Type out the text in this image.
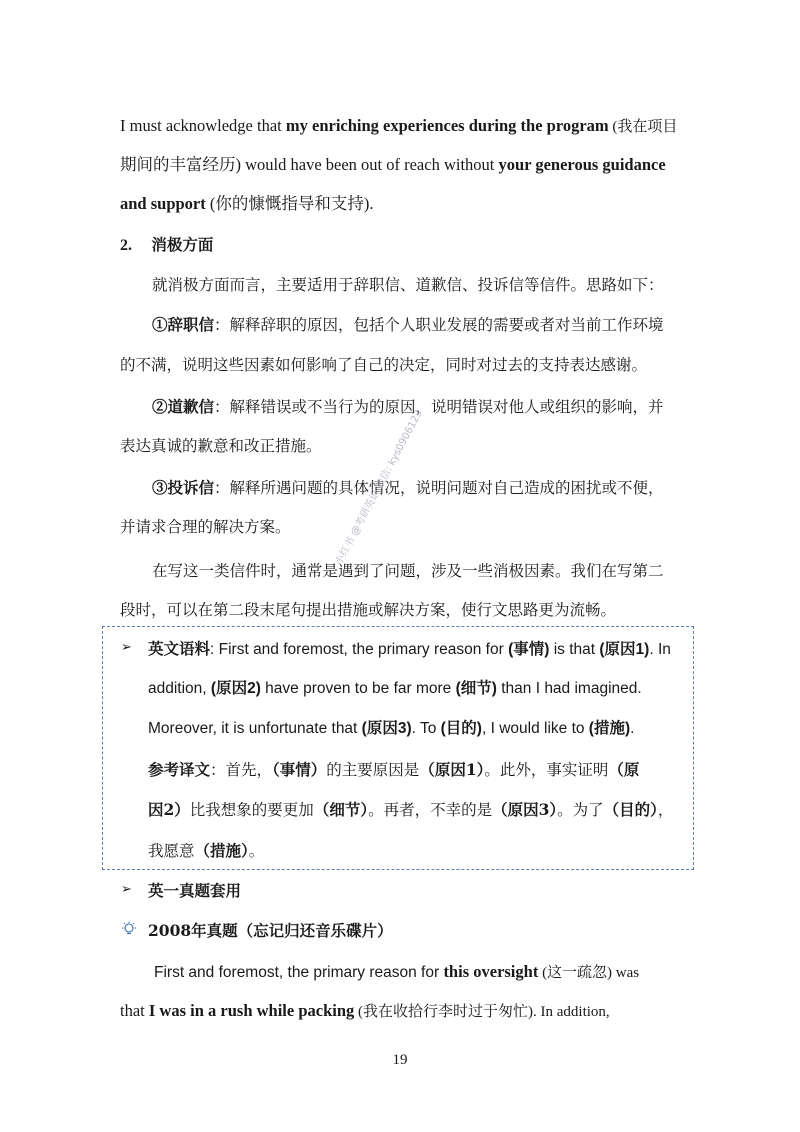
I must acknowledge that my enriching experiences during the program (我在项目
期间的丰富经历) would have been out of reach without your generous guidance
and support (你的慷慨指导和支持).
2. 消极方面
就消极方面而言，主要适用于辞职信、道歉信、投诉信等信件。思路如下：
①辞职信：解释辞职的原因，包括个人职业发展的需要或者对当前工作环境
的不满，说明这些因素如何影响了自己的决定，同时对过去的支持表达感谢。
②道歉信：解释错误或不当行为的原因，说明错误对他人或组织的影响，并
表达真诚的歉意和改正措施。
③投诉信：解释所遇问题的具体情况，说明问题对自己造成的困扰或不便，
并请求合理的解决方案。
在写这一类信件时，通常是遇到了问题，涉及一些消极因素。我们在写第二
段时，可以在第二段末尾句提出措施或解决方案，使行文思路更为流畅。
小红书 @考研英语 微信: kys0906123
➢ 英文语料: First and foremost, the primary reason for (事情) is that (原因1). In
addition, (原因2) have proven to be far more (细节) than I had imagined.
Moreover, it is unfortunate that (原因3). To (目的), I would like to (措施).
参考译文：首先，（事情）的主要原因是（原因1）。此外，事实证明（原
因2）比我想象的要更加（细节）。再者，不幸的是（原因3）。为了（目的），
我愿意（措施）。
➢ 英一真题套用
2008年真题（忘记归还音乐碟片）
First and foremost, the primary reason for this oversight (这一疏忽) was
that I was in a rush while packing (我在收拾行李时过于匆忙). In addition,
19
